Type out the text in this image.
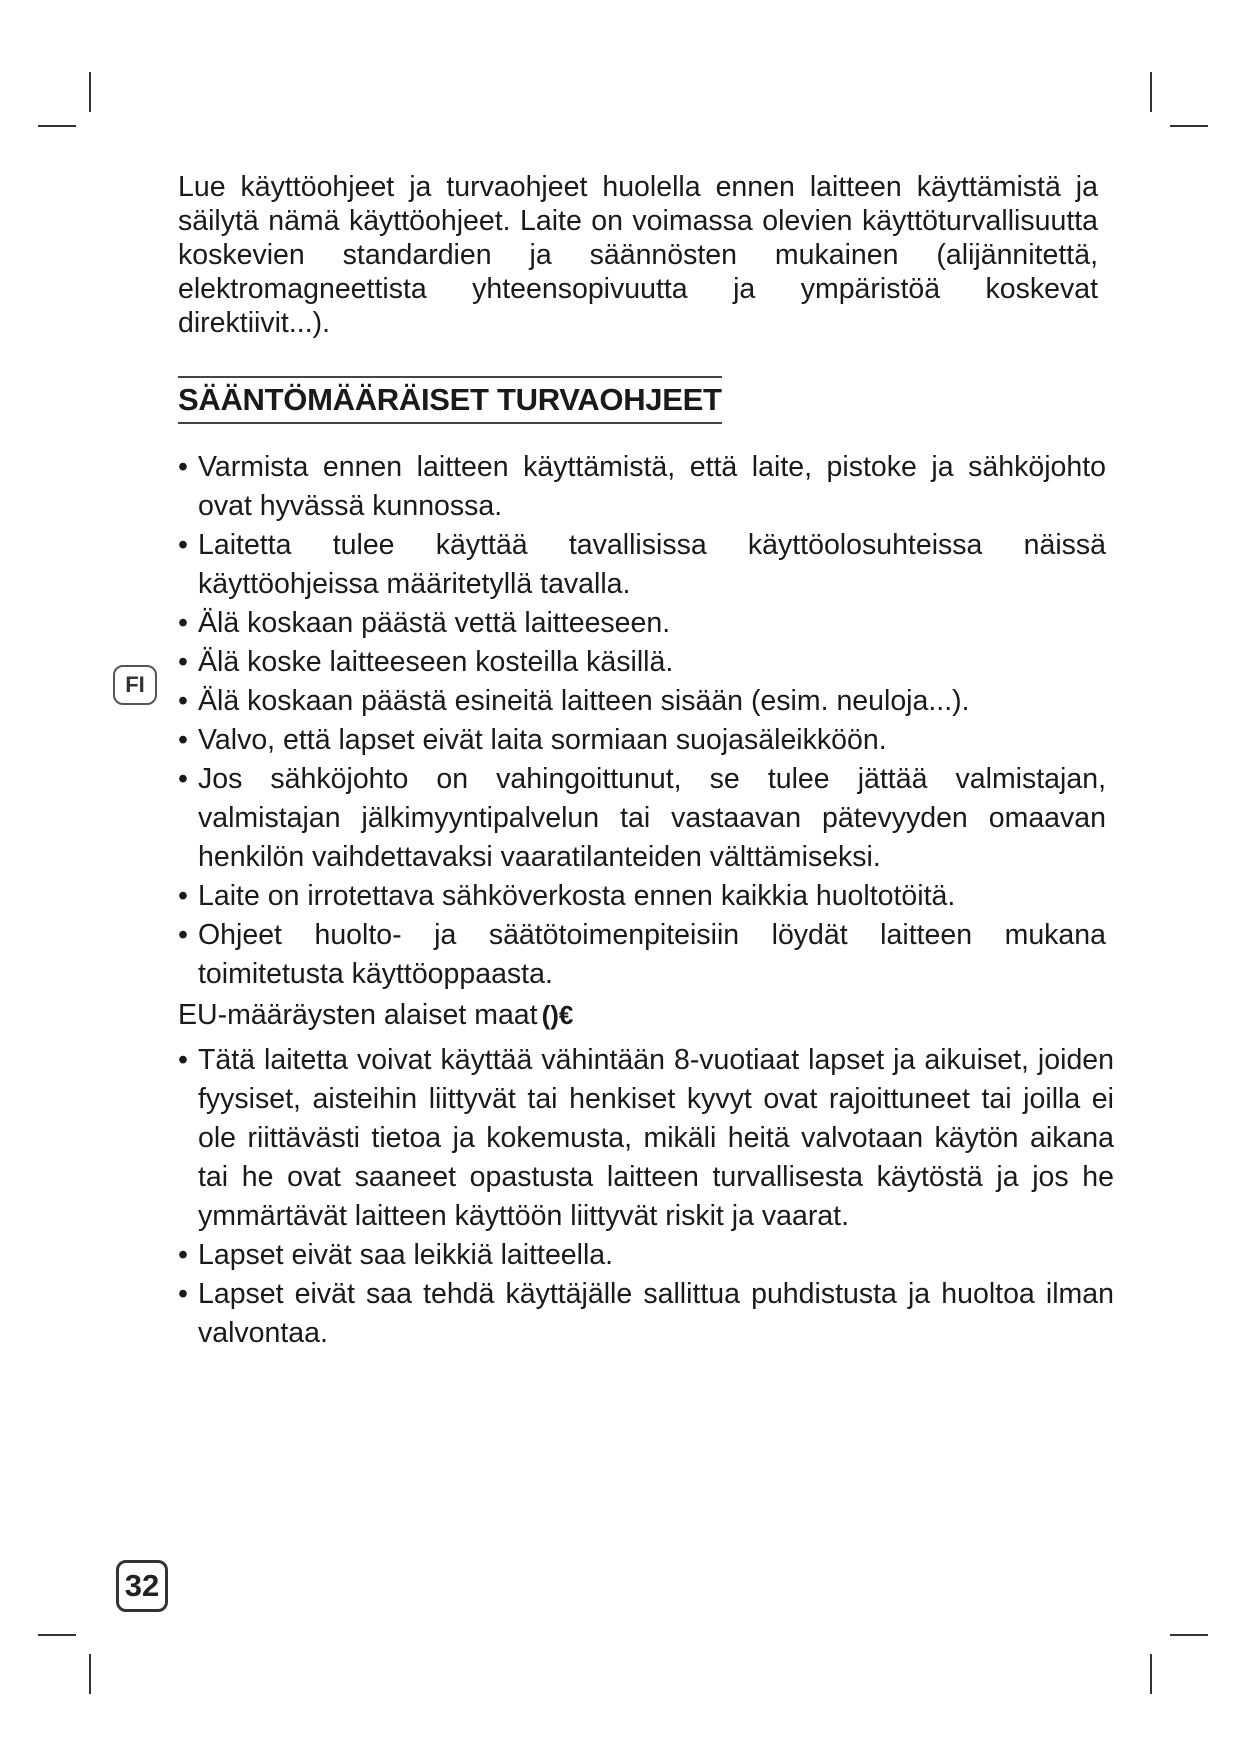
Lue käyttöohjeet ja turvaohjeet huolella ennen laitteen käyttämistä ja säilytä nämä käyttöohjeet. Laite on voimassa olevien käyttöturvallisuutta koskevien standardien ja säännösten mukainen (alijännitettä, elektromagneettista yhteensopivuutta ja ympäristöä koskevat direktiivit...).

SÄÄNTÖMÄÄRÄISET TURVAOHJEET
• Varmista ennen laitteen käyttämistä, että laite, pistoke ja sähköjohto ovat hyvässä kunnossa.
• Laitetta tulee käyttää tavallisissa käyttöolosuhteissa näissä käyttöohjeissa määritetyllä tavalla.
• Älä koskaan päästä vettä laitteeseen.
• Älä koske laitteeseen kosteilla käsillä.
• Älä koskaan päästä esineitä laitteen sisään (esim. neuloja...).
• Valvo, että lapset eivät laita sormiaan suojasäleikköön.
• Jos sähköjohto on vahingoittunut, se tulee jättää valmistajan, valmistajan jälkimyyntipalvelun tai vastaavan pätevyyden omaavan henkilön vaihdettavaksi vaaratilanteiden välttämiseksi.
• Laite on irrotettava sähköverkosta ennen kaikkia huoltotöitä.
• Ohjeet huolto- ja säätötoimenpiteisiin löydät laitteen mukana toimitetusta käyttöoppaasta.

EU-määräysten alaiset maat ()€

• Tätä laitetta voivat käyttää vähintään 8-vuotiaat lapset ja aikuiset, joiden fyysiset, aisteihin liittyvät tai henkiset kyvyt ovat rajoittuneet tai joilla ei ole riittävästi tietoa ja kokemusta, mikäli heitä valvotaan käytön aikana tai he ovat saaneet opastusta laitteen turvallisesta käytöstä ja jos he ymmärtävät laitteen käyttöön liittyvät riskit ja vaarat.
• Lapset eivät saa leikkiä laitteella.
• Lapset eivät saa tehdä käyttäjälle sallittua puhdistusta ja huoltoa ilman valvontaa.
FI
32
